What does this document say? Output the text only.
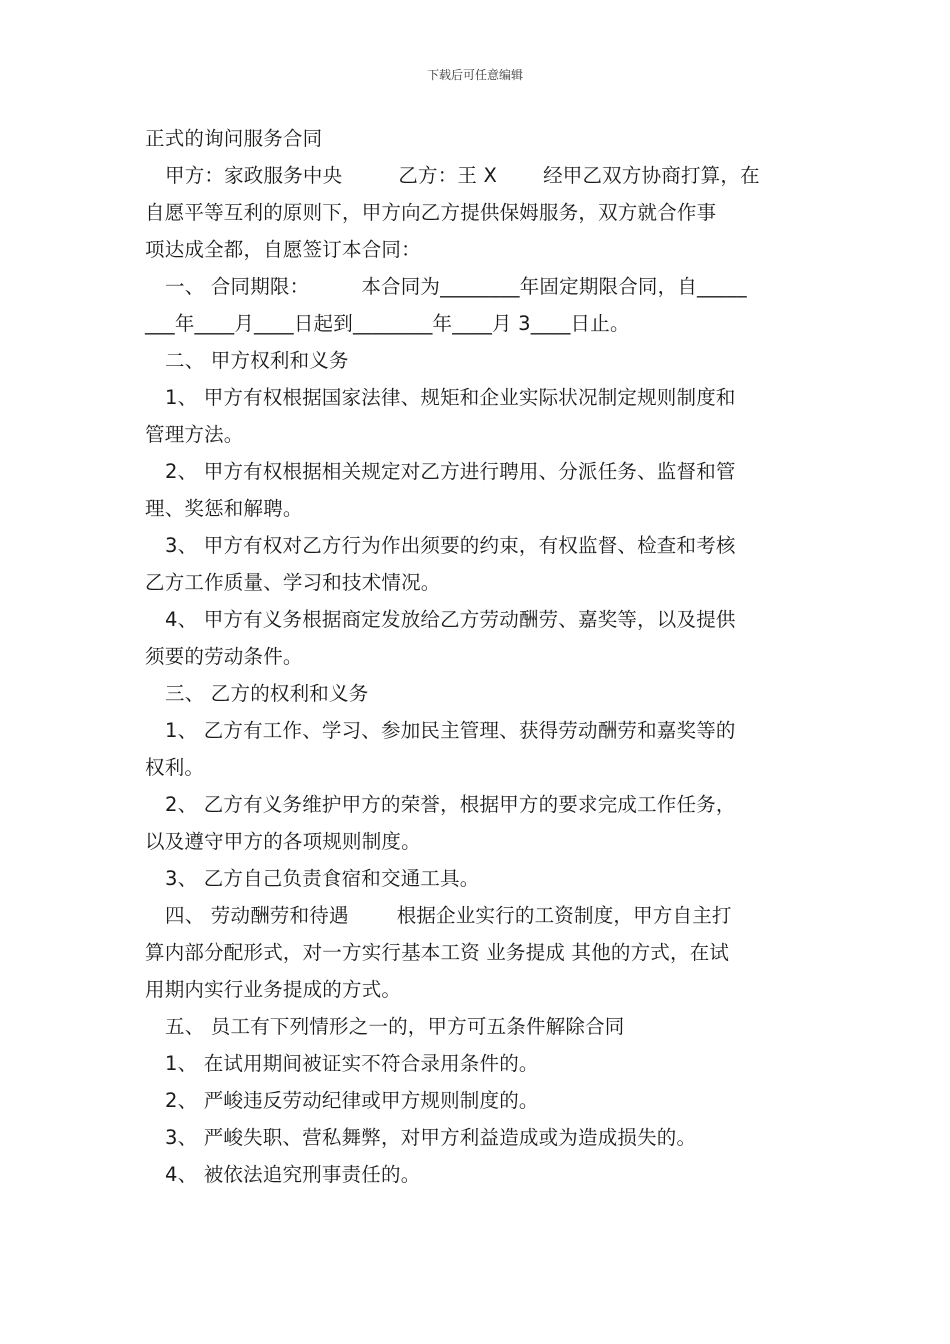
下载后可任意编辑
正式的询问服务合同
甲方：家政服务中央	乙方：王 X 经甲乙双方协商打算，在
自愿平等互利的原则下，甲方向乙方提供保姆服务，双方就合作事
项达成全都，自愿签订本合同：
一、 合同期限：	本合同为________年固定期限合同，自_____
___年____月____日起到________年____月 3____日止。
二、 甲方权利和义务
1、 甲方有权根据国家法律、规矩和企业实际状况制定规则制度和
管理方法。
2、 甲方有权根据相关规定对乙方进行聘用、分派任务、监督和管
理、奖惩和解聘。
3、 甲方有权对乙方行为作出须要的约束，有权监督、检查和考核
乙方工作质量、学习和技术情况。
4、 甲方有义务根据商定发放给乙方劳动酬劳、嘉奖等，以及提供
须要的劳动条件。
三、 乙方的权利和义务
1、 乙方有工作、学习、参加民主管理、获得劳动酬劳和嘉奖等的
权利。
2、 乙方有义务维护甲方的荣誉，根据甲方的要求完成工作任务，
以及遵守甲方的各项规则制度。
3、 乙方自己负责食宿和交通工具。
四、 劳动酬劳和待遇 根据企业实行的工资制度，甲方自主打
算内部分配形式，对一方实行基本工资 业务提成 其他的方式，在试
用期内实行业务提成的方式。
五、 员工有下列情形之一的，甲方可五条件解除合同
1、 在试用期间被证实不符合录用条件的。
2、 严峻违反劳动纪律或甲方规则制度的。
3、 严峻失职、营私舞弊，对甲方利益造成或为造成损失的。
4、 被依法追究刑事责任的。
